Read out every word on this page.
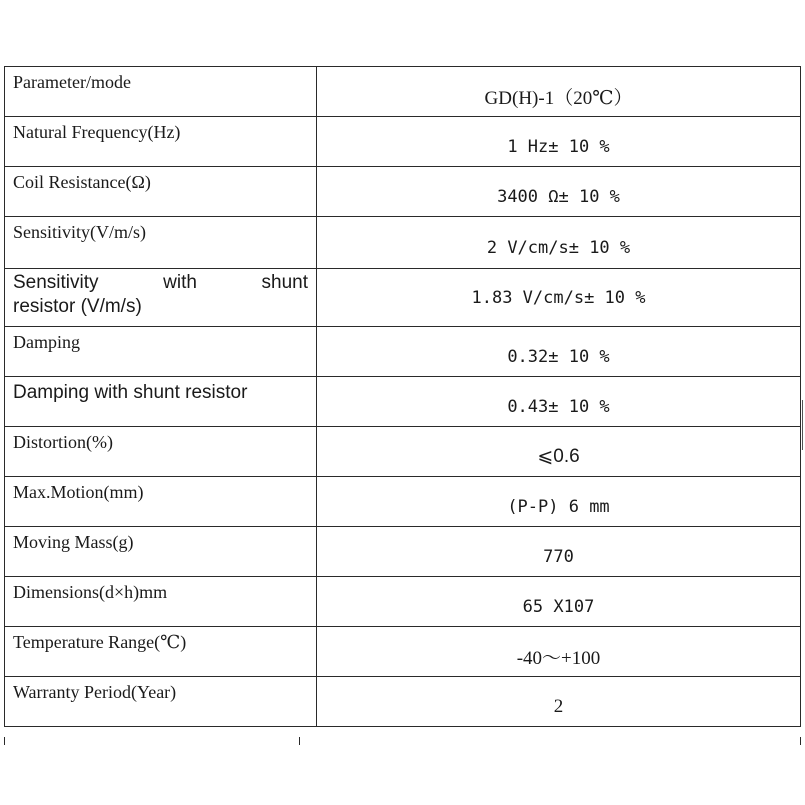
Parameter/mode	GD(H)-1（20℃）
Natural Frequency(Hz)	1 Hz± 10 %
Coil Resistance(Ω)	3400 Ω± 10 %
Sensitivity(V/m/s)	2 V/cm/s± 10 %

Sensitivity with shunt
resistor (V/m/s)	1.83 V/cm/s± 10 %
Damping	0.32± 10 %
Damping with shunt resistor	0.43± 10 %
Distortion(%)	⩽0.6
Max.Motion(mm)	(P-P) 6 mm
Moving Mass(g)	770
Dimensions(d×h)mm	65 X107
Temperature Range(℃)	-40～+100
Warranty Period(Year)	2
